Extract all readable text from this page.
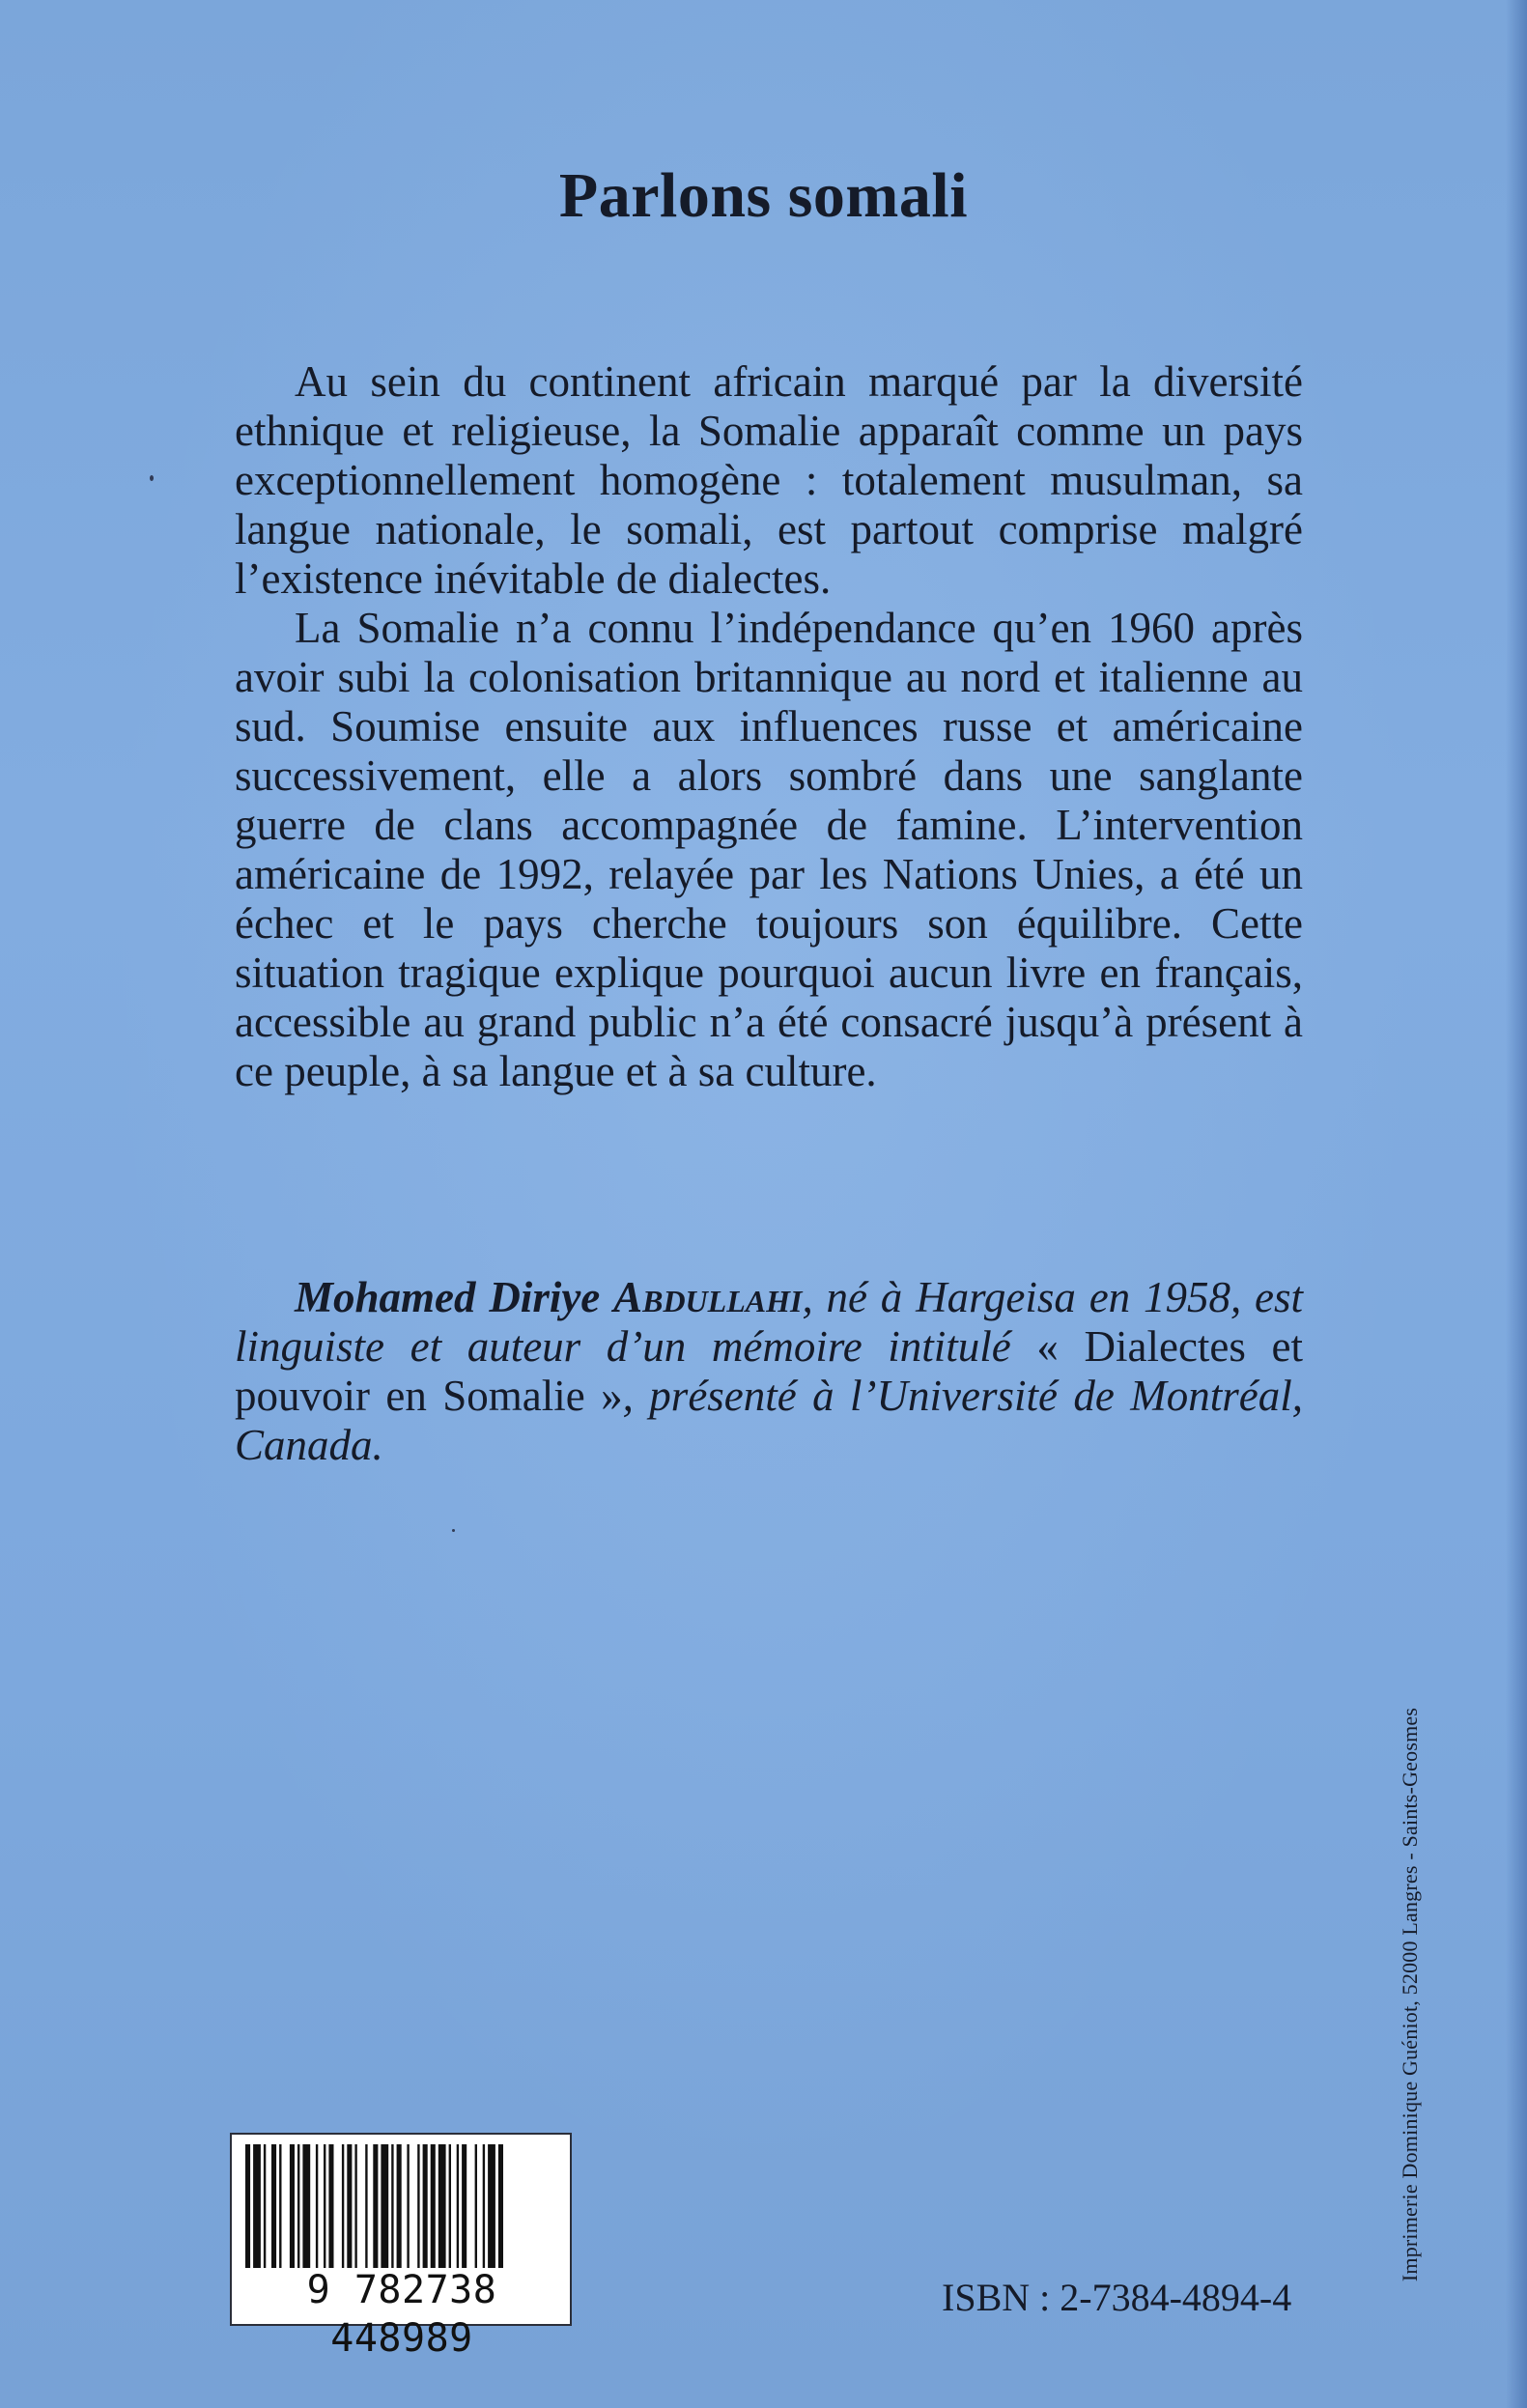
Parlons somali

Au sein du continent africain marqué par la diversité ethnique et religieuse, la Somalie apparaît comme un pays exceptionnellement homogène : totalement musulman, sa langue nationale, le somali, est partout comprise malgré l’existence inévitable de dialectes.

La Somalie n’a connu l’indépendance qu’en 1960 après avoir subi la colonisation britannique au nord et italienne au sud. Soumise ensuite aux influences russe et américaine successivement, elle a alors sombré dans une sanglante guerre de clans accompagnée de famine. L’intervention américaine de 1992, relayée par les Nations Unies, a été un échec et le pays cherche toujours son équilibre. Cette situation tragique explique pourquoi aucun livre en français, accessible au grand public n’a été consacré jusqu’à présent à ce peuple, à sa langue et à sa culture.

Mohamed Diriye Abdullahi, né à Hargeisa en 1958, est linguiste et auteur d’un mémoire intitulé « Dialectes et pouvoir en Somalie », présenté à l’Université de Montréal, Canada.

Imprimerie Dominique Guéniot, 52000 Langres - Saints-Geosmes
9 782738 448989
ISBN : 2-7384-4894-4
